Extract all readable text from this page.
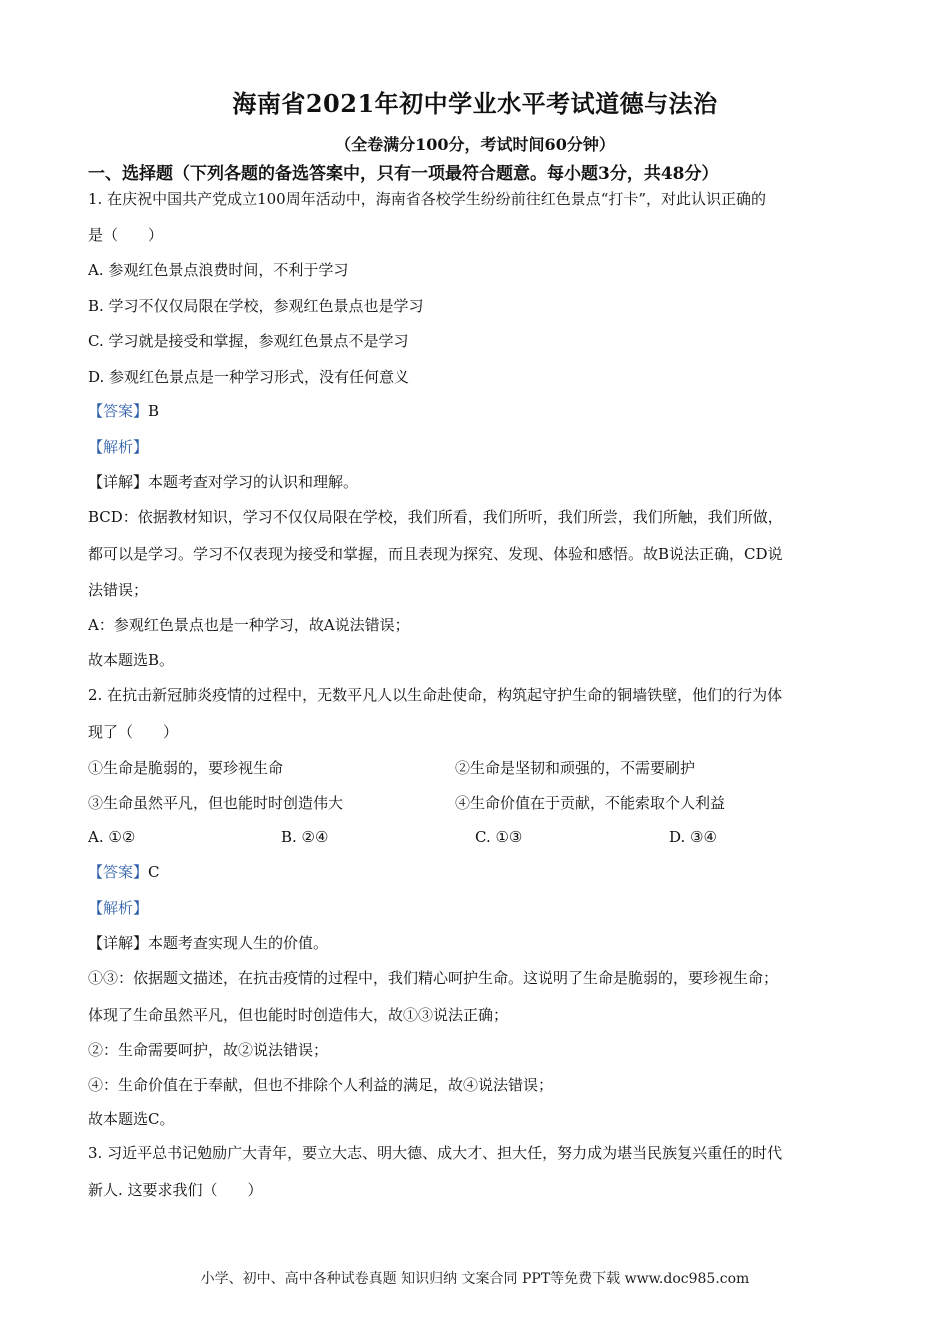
海南省2021年初中学业水平考试道德与法治
（全卷满分100分，考试时间60分钟）
一、选择题（下列各题的备选答案中，只有一项最符合题意。每小题3分，共48分）
1. 在庆祝中国共产党成立100周年活动中，海南省各校学生纷纷前往红色景点“打卡”，对此认识正确的
是（　　）
A. 参观红色景点浪费时间，不利于学习
B. 学习不仅仅局限在学校，参观红色景点也是学习
C. 学习就是接受和掌握，参观红色景点不是学习
D. 参观红色景点是一种学习形式，没有任何意义
【答案】B
【解析】
【详解】本题考查对学习的认识和理解。
BCD：依据教材知识，学习不仅仅局限在学校，我们所看，我们所听，我们所尝，我们所触，我们所做，
都可以是学习。学习不仅表现为接受和掌握，而且表现为探究、发现、体验和感悟。故B说法正确，CD说
法错误；
A：参观红色景点也是一种学习，故A说法错误；
故本题选B。
2. 在抗击新冠肺炎疫情的过程中，无数平凡人以生命赴使命，构筑起守护生命的铜墙铁壁，他们的行为体
现了（　　）
①生命是脆弱的，要珍视生命	②生命是坚韧和顽强的，不需要刷护
③生命虽然平凡，但也能时时创造伟大	④生命价值在于贡献，不能索取个人利益
A. ①②	B. ②④	C. ①③	D. ③④
【答案】C
【解析】
【详解】本题考查实现人生的价值。
①③：依据题文描述，在抗击疫情的过程中，我们精心呵护生命。这说明了生命是脆弱的，要珍视生命；
体现了生命虽然平凡，但也能时时创造伟大，故①③说法正确；
②：生命需要呵护，故②说法错误；
④：生命价值在于奉献，但也不排除个人利益的满足，故④说法错误；
故本题选C。
3. 习近平总书记勉励广大青年，要立大志、明大德、成大才、担大任，努力成为堪当民族复兴重任的时代
新人. 这要求我们（　　）
小学、初中、高中各种试卷真题 知识归纳 文案合同 PPT等免费下载 www.doc985.com
